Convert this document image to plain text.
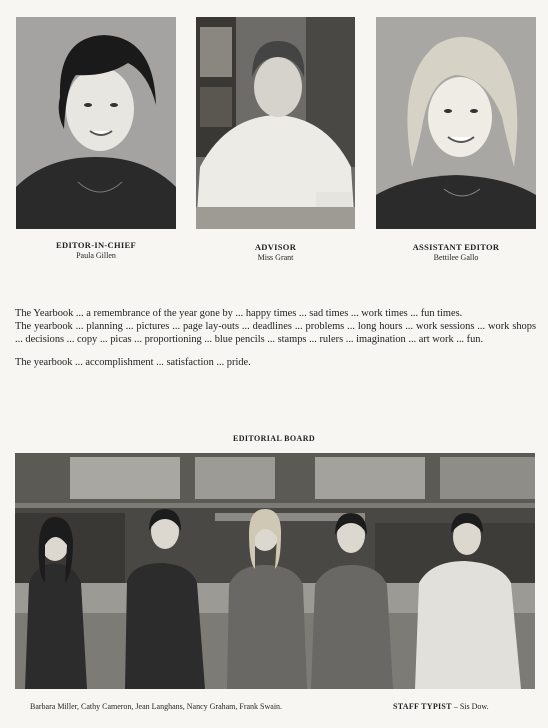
EDITOR-IN-CHIEF
Paula Gillen
ADVISOR
Miss Grant
ASSISTANT EDITOR
Bettilee Gallo

The Yearbook ... a remembrance of the year gone by ... happy times ... sad times ... work times ... fun times.

The yearbook ... planning ... pictures ... page lay-outs ... deadlines ... problems ... long hours ... work sessions ... work shops ... decisions ... copy ... picas ... proportioning ... blue pencils ... stamps ... rulers ... imagination ... art work ... fun.

The yearbook ... accomplishment ... satisfaction ... pride.

EDITORIAL BOARD
Barbara Miller, Cathy Cameron, Jean Langhans, Nancy Graham, Frank Swain.	STAFF TYPIST – Sis Dow.
